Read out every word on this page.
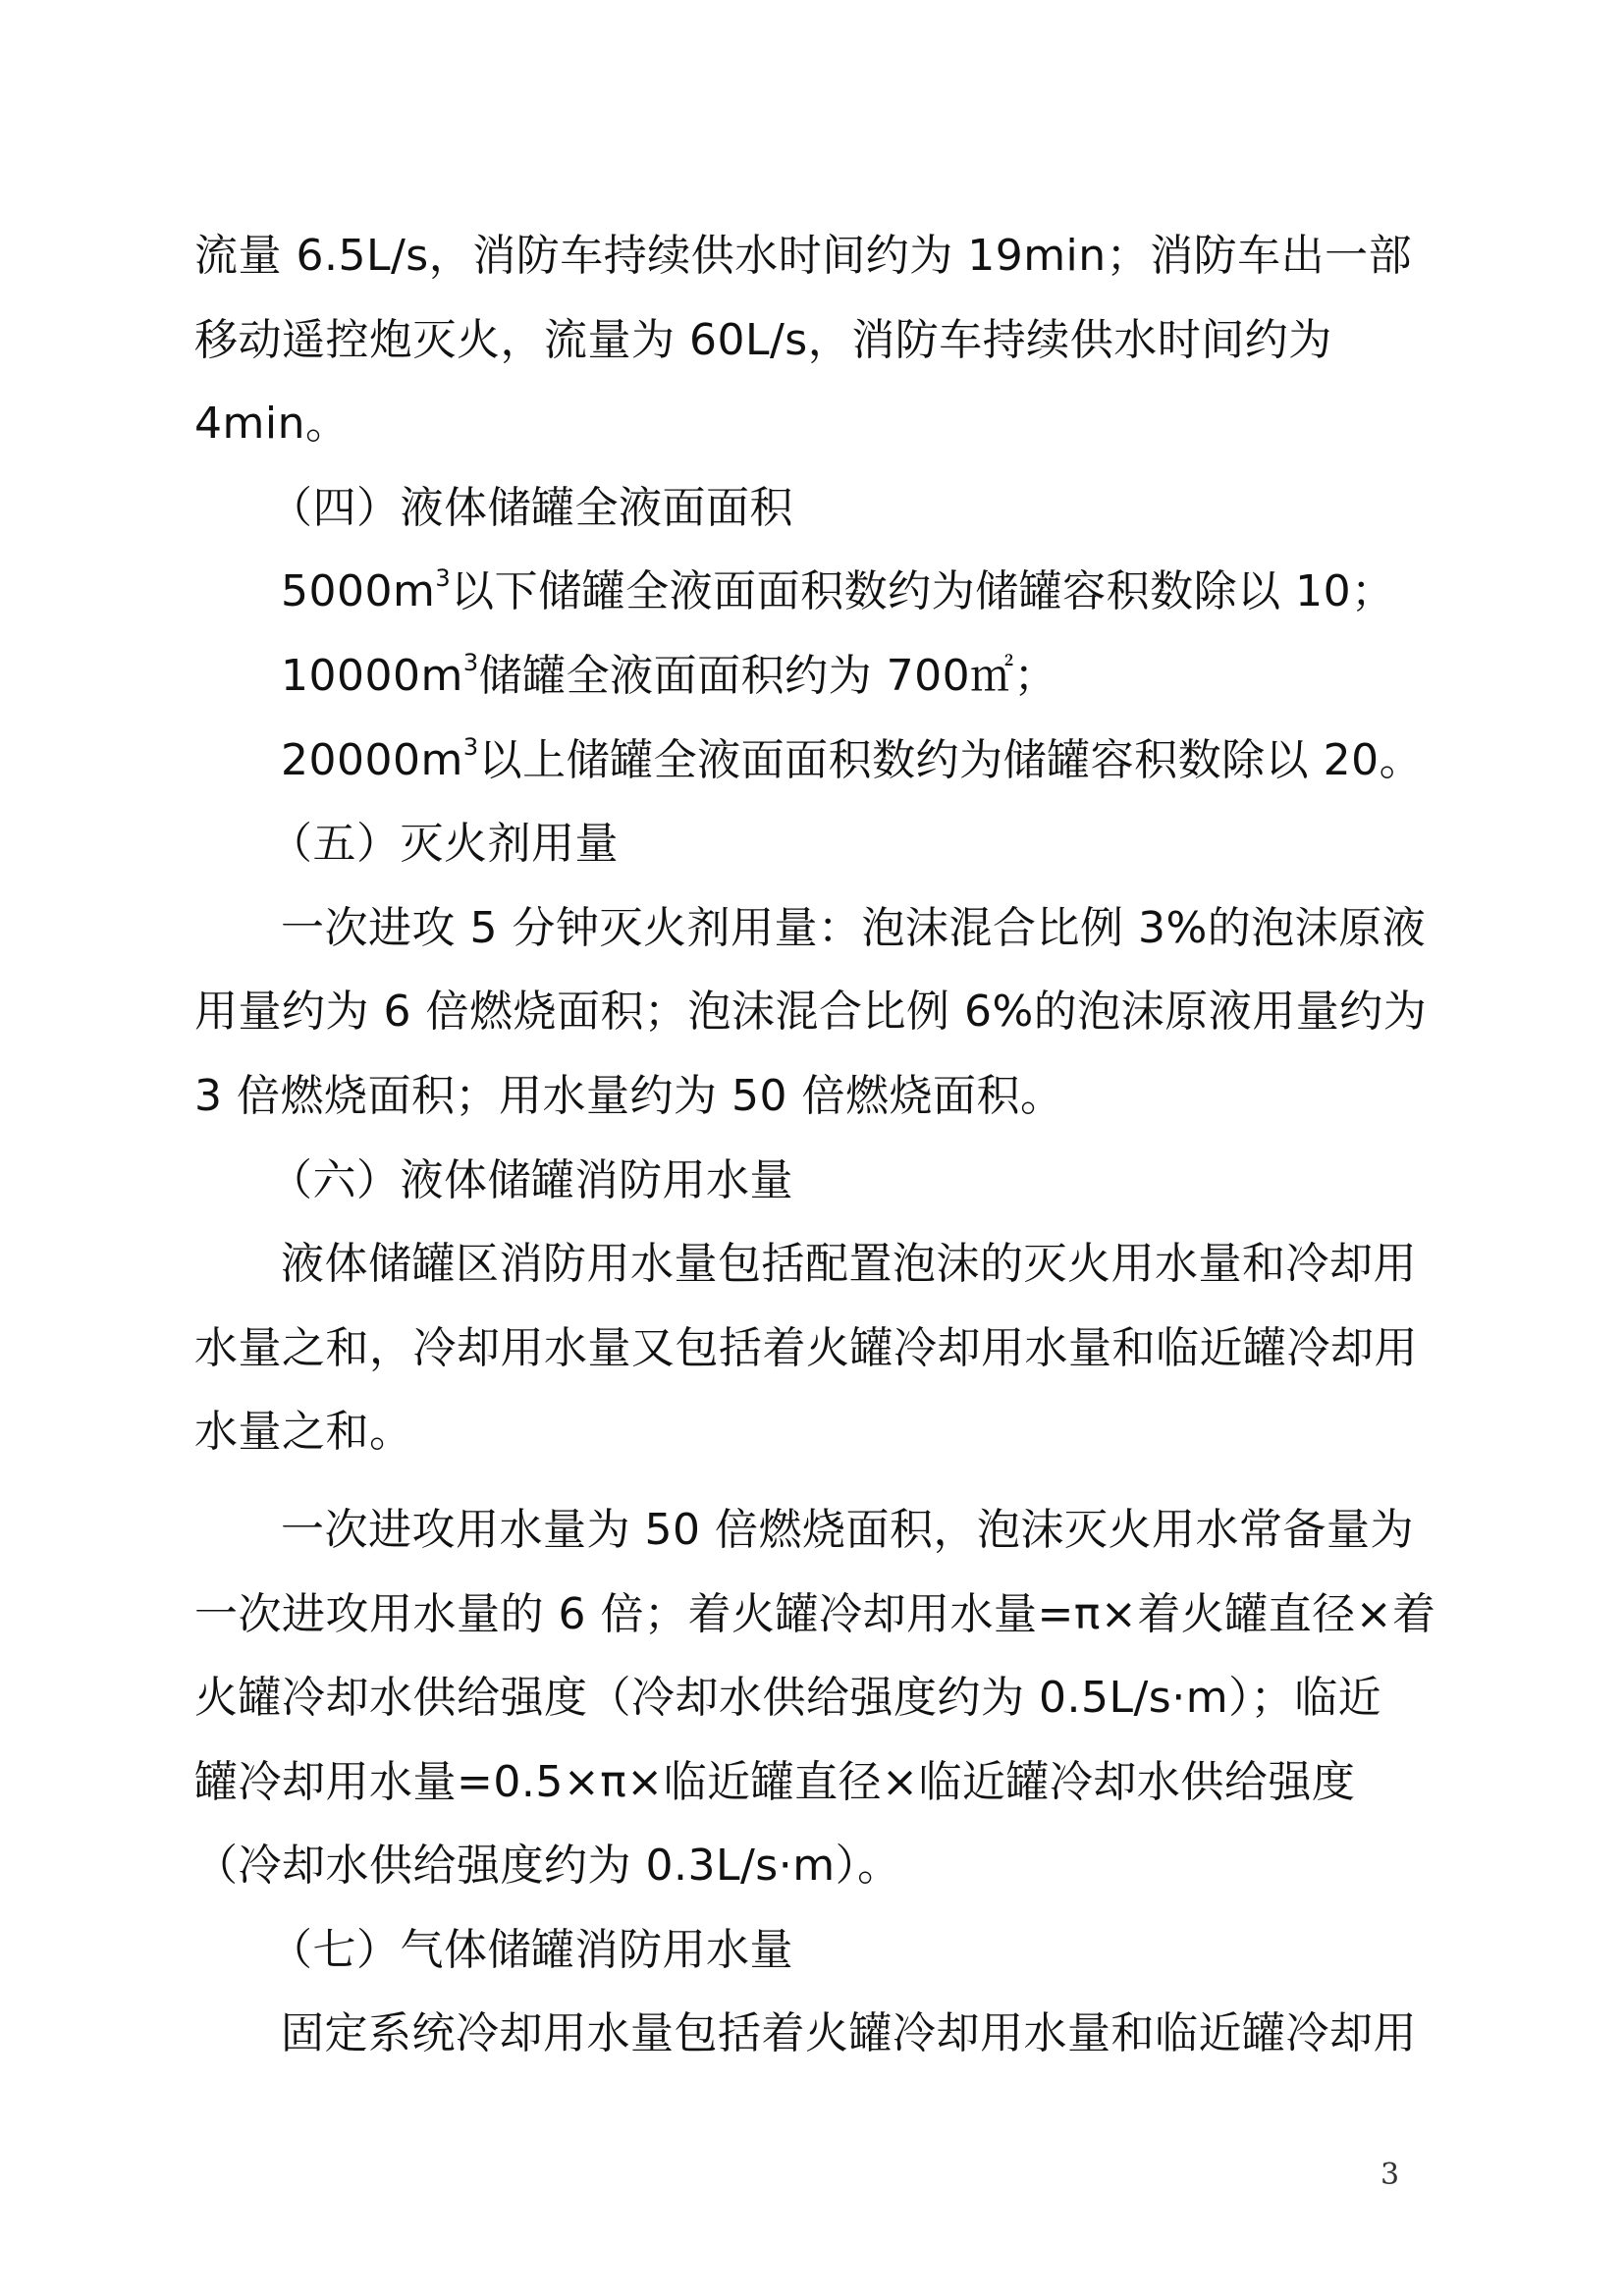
流量 6.5L/s，消防车持续供水时间约为 19min；消防车出一部
移动遥控炮灭火，流量为 60L/s，消防车持续供水时间约为
4min。
（四）液体储罐全液面面积
$5000m^3$以下储罐全液面面积数约为储罐容积数除以 10；
$10000m^3$储罐全液面面积约为 700㎡；
$20000m^3$以上储罐全液面面积数约为储罐容积数除以 20。
（五）灭火剂用量
一次进攻 5 分钟灭火剂用量：泡沫混合比例 3%的泡沫原液
用量约为 6 倍燃烧面积；泡沫混合比例 6%的泡沫原液用量约为
3 倍燃烧面积；用水量约为 50 倍燃烧面积。
（六）液体储罐消防用水量
液体储罐区消防用水量包括配置泡沫的灭火用水量和冷却用
水量之和，冷却用水量又包括着火罐冷却用水量和临近罐冷却用
水量之和。
一次进攻用水量为 50 倍燃烧面积，泡沫灭火用水常备量为
一次进攻用水量的 6 倍；着火罐冷却用水量=π×着火罐直径×着
火罐冷却水供给强度（冷却水供给强度约为 0.5L/s·m）；临近
罐冷却用水量=0.5×π×临近罐直径×临近罐冷却水供给强度
（冷却水供给强度约为 0.3L/s·m）。
（七）气体储罐消防用水量
固定系统冷却用水量包括着火罐冷却用水量和临近罐冷却用
3
